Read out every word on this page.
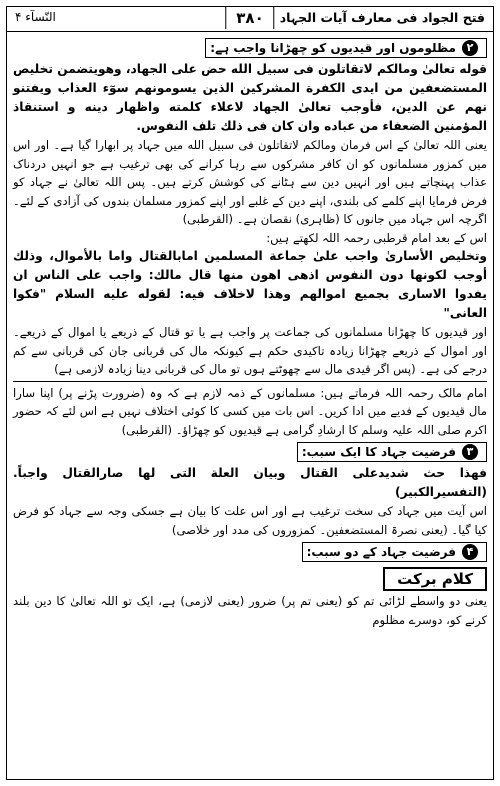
فتح الجواد فی معارف آیات الجہاد
۳۸۰
النّسآء ۴
۲
مظلوموں اور قیدیوں کو چھڑانا واجب ہے:

قوله تعالیٰ ومالكم لاتقاتلون فی سبیل الله حض علی الجهاد، وهويتضمن تخليص المستضعفين من ايدی الكفرة المشركين الذين يسومونهم سوٓء العذاب ويفتنو نهم عن الدين، فأوجب تعالیٰ الجهاد لاعلاء كلمته واظهار دينه و استنقاذ المؤمنين الضعفاء من عباده وان كان فی ذلك تلف النفوس.

یعنی اللہ تعالیٰ کے اس فرمان ومالكم لاتقاتلون فی سبیل الله میں جہاد پر ابھارا گیا ہے۔ اور اس میں کمزور مسلمانوں کو ان کافر مشرکوں سے رہا کرانے کی بھی ترغیب ہے جو انہیں دردناک عذاب پہنچاتے ہیں اور انہیں دین سے ہٹانے کی کوشش کرتے ہیں۔ پس اللہ تعالیٰ نے جہاد کو فرض فرمایا اپنے کلمے کی بلندی، اپنے دین کے غلبے اور اپنے کمزور مسلمان بندوں کی آزادی کے لئے۔ اگرچہ اس جہاد میں جانوں کا (ظاہری) نقصان ہے۔ (القرطبی)

اس کے بعد امام قرطبی رحمہ اللہ لکھتے ہیں:

وتخليص الأسارىٰ واجب علىٰ جماعة المسلمين امابالقتال واما بالأموال، وذلك أوجب لكونها دون النفوس اذهی اهون منها قال مالك: واجب علی الناس ان يفدوا الاسارى بجميع اموالهم وهذا لاخلاف فيه: لقوله عليه السلام "فكوا العانی"

اور قیدیوں کا چھڑانا مسلمانوں کی جماعت پر واجب ہے یا تو قتال کے ذریعے یا اموال کے ذریعے۔ اور اموال کے ذریعے چھڑانا زیادہ تاکیدی حکم ہے کیونکہ مال کی قربانی جان کی قربانی سے کم درجے کی ہے۔ (پس اگر قیدی مال سے چھوٹتے ہوں تو مال کی قربانی دینا زیادہ لازمی ہے)

امام مالک رحمہ اللہ فرماتے ہیں: مسلمانوں کے ذمہ لازم ہے کہ وہ (ضرورت پڑنے پر) اپنا سارا مال قیدیوں کے فدیے میں ادا کریں۔ اس بات میں کسی کا کوئی اختلاف نہیں ہے اس لئے کہ حضور اکرم صلی اللہ علیہ وسلم کا ارشادِ گرامی ہے قیدیوں کو چھڑاؤ۔ (القرطبی)

۳
فرضیت جہاد کا ایک سبب:

فهذا حث شديدعلی القتال وبيان العلة التی لها صارالقتال واجباً. (التفسيرالكبير)

اس آیت میں جہاد کی سخت ترغیب ہے اور اس علت کا بیان ہے جسکی وجہ سے جہاد کو فرض کیا گیا۔ (یعنی نصرۃ المستضعفین۔ کمزوروں کی مدد اور خلاصی)

۴
فرضیت جہاد کے دو سبب:
کلام برکت

یعنی دو واسطے لڑائی تم کو (یعنی تم پر) ضرور (یعنی لازمی) ہے، ایک تو اللہ تعالیٰ کا دین بلند کرنے کو، دوسرے مظلوم
